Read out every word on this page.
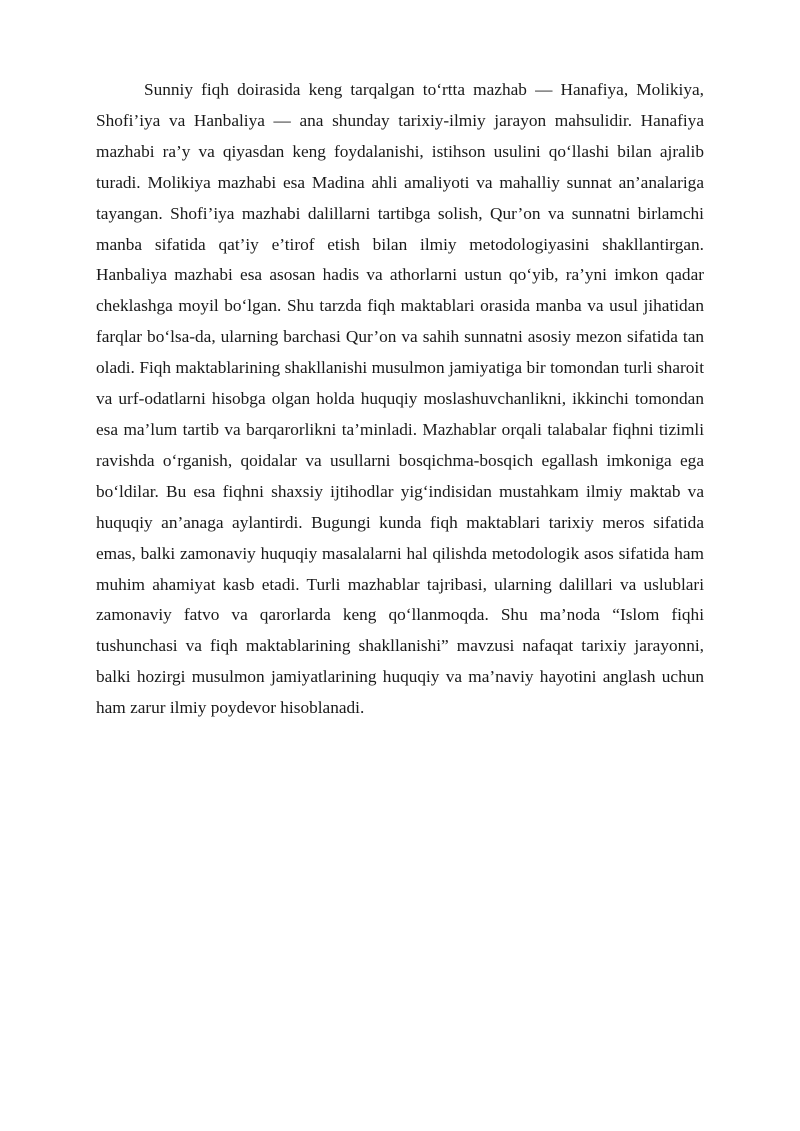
Sunniy fiqh doirasida keng tarqalgan to‘rtta mazhab — Hanafiya, Molikiya, Shofi’iya va Hanbaliya — ana shunday tarixiy-ilmiy jarayon mahsulidir. Hanafiya mazhabi ra’y va qiyasdan keng foydalanishi, istihson usulini qo‘llashi bilan ajralib turadi. Molikiya mazhabi esa Madina ahli amaliyoti va mahalliy sunnat an’analariga tayangan. Shofi’iya mazhabi dalillarni tartibga solish, Qur’on va sunnatni birlamchi manba sifatida qat’iy e’tirof etish bilan ilmiy metodologiyasini shakllantirgan. Hanbaliya mazhabi esa asosan hadis va athorlarni ustun qo‘yib, ra’yni imkon qadar cheklashga moyil bo‘lgan. Shu tarzda fiqh maktablari orasida manba va usul jihatidan farqlar bo‘lsa-da, ularning barchasi Qur’on va sahih sunnatni asosiy mezon sifatida tan oladi. Fiqh maktablarining shakllanishi musulmon jamiyatiga bir tomondan turli sharoit va urf-odatlarni hisobga olgan holda huquqiy moslashuvchanlikni, ikkinchi tomondan esa ma’lum tartib va barqarorlikni ta’minladi. Mazhablar orqali talabalar fiqhni tizimli ravishda o‘rganish, qoidalar va usullarni bosqichma-bosqich egallash imkoniga ega bo‘ldilar. Bu esa fiqhni shaxsiy ijtihodlar yig‘indisidan mustahkam ilmiy maktab va huquqiy an’anaga aylantirdi. Bugungi kunda fiqh maktablari tarixiy meros sifatida emas, balki zamonaviy huquqiy masalalarni hal qilishda metodologik asos sifatida ham muhim ahamiyat kasb etadi. Turli mazhablar tajribasi, ularning dalillari va uslublari zamonaviy fatvo va qarorlarda keng qo‘llanmoqda. Shu ma’noda “Islom fiqhi tushunchasi va fiqh maktablarining shakllanishi” mavzusi nafaqat tarixiy jarayonni, balki hozirgi musulmon jamiyatlarining huquqiy va ma’naviy hayotini anglash uchun ham zarur ilmiy poydevor hisoblanadi.
